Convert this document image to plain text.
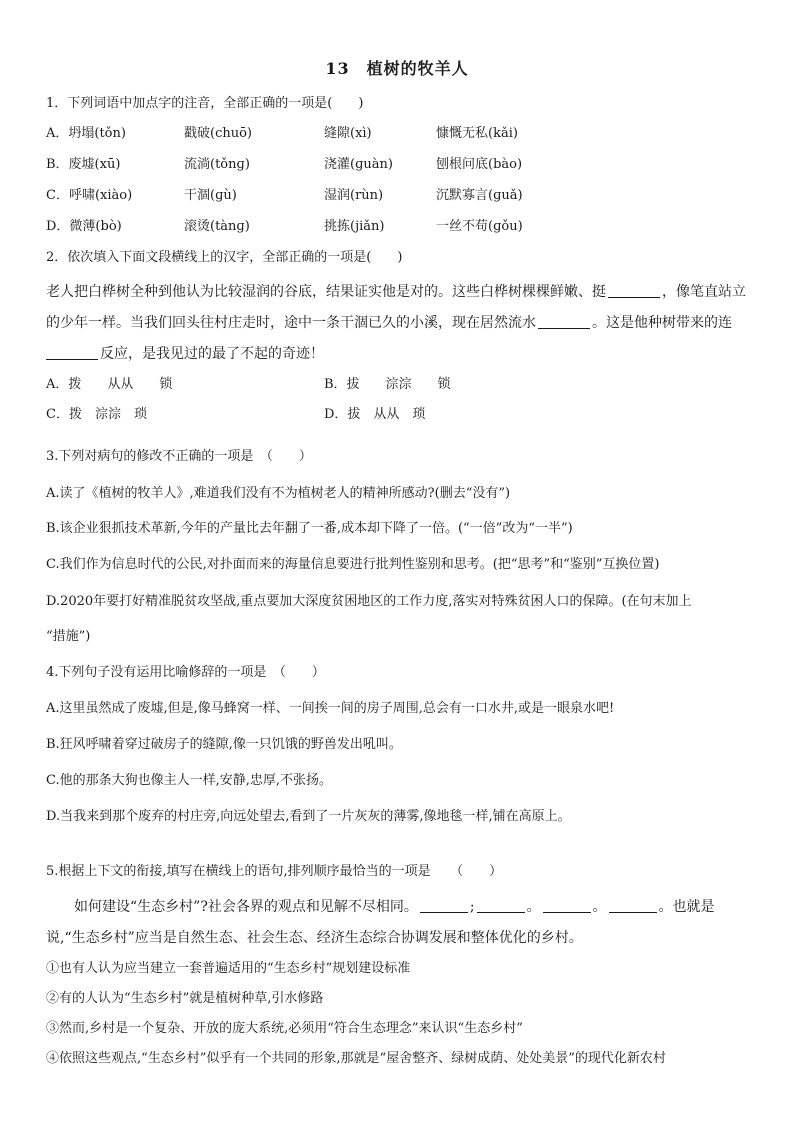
13　植树的牧羊人
1．下列词语中加点字的注音，全部正确的一项是(　　)
A．坍塌(tǒn)	戳破(chuō)	缝隙(xì)	慷慨无私(kǎi)
B．废墟(xū)	流淌(tǒnɡ)	浇灌(ɡuàn)	刨根问底(bào)
C．呼啸(xiào)	干涸(ɡù)	湿润(rùn)	沉默寡言(ɡuǎ)
D．微薄(bò)	滚烫(tànɡ)	挑拣(jiǎn)	一丝不苟(ɡǒu)
2．依次填入下面文段横线上的汉字，全部正确的一项是(　　)
老人把白桦树全种到他认为比较湿润的谷底，结果证实他是对的。这些白桦树棵棵鲜嫩、挺	，像笔直站立
的少年一样。当我们回头往村庄走时，途中一条干涸已久的小溪，现在居然流水	。这是他种树带来的连
反应，是我见过的最了不起的奇迹！
A．拨　　从从　　锁	B．拔　　淙淙　　锁
C．拨　淙淙　琐	D．拔　从从　琐
3.下列对病句的修改不正确的一项是　（　　）
A.读了《植树的牧羊人》,难道我们没有不为植树老人的精神所感动?(删去“没有”)
B.该企业狠抓技术革新,今年的产量比去年翻了一番,成本却下降了一倍。(“一倍”改为“一半”)
C.我们作为信息时代的公民,对扑面而来的海量信息要进行批判性鉴别和思考。(把“思考”和“鉴别”互换位置)
D.2020年要打好精准脱贫攻坚战,重点要加大深度贫困地区的工作力度,落实对特殊贫困人口的保障。(在句末加上
“措施”)
4.下列句子没有运用比喻修辞的一项是　（　　）
A.这里虽然成了废墟,但是,像马蜂窝一样、一间挨一间的房子周围,总会有一口水井,或是一眼泉水吧!
B.狂风呼啸着穿过破房子的缝隙,像一只饥饿的野兽发出吼叫。
C.他的那条大狗也像主人一样,安静,忠厚,不张扬。
D.当我来到那个废弃的村庄旁,向远处望去,看到了一片灰灰的薄雾,像地毯一样,铺在高原上。
5.根据上下文的衔接,填写在横线上的语句,排列顺序最恰当的一项是　　（　　）
如何建设“生态乡村”?社会各界的观点和见解不尽相同。	;	。	。	。也就是
说,“生态乡村”应当是自然生态、社会生态、经济生态综合协调发展和整体优化的乡村。
①也有人认为应当建立一套普遍适用的“生态乡村”规划建设标准
②有的人认为“生态乡村”就是植树种草,引水修路
③然而,乡村是一个复杂、开放的庞大系统,必须用“符合生态理念”来认识“生态乡村”
④依照这些观点,“生态乡村”似乎有一个共同的形象,那就是“屋舍整齐、绿树成荫、处处美景”的现代化新农村
